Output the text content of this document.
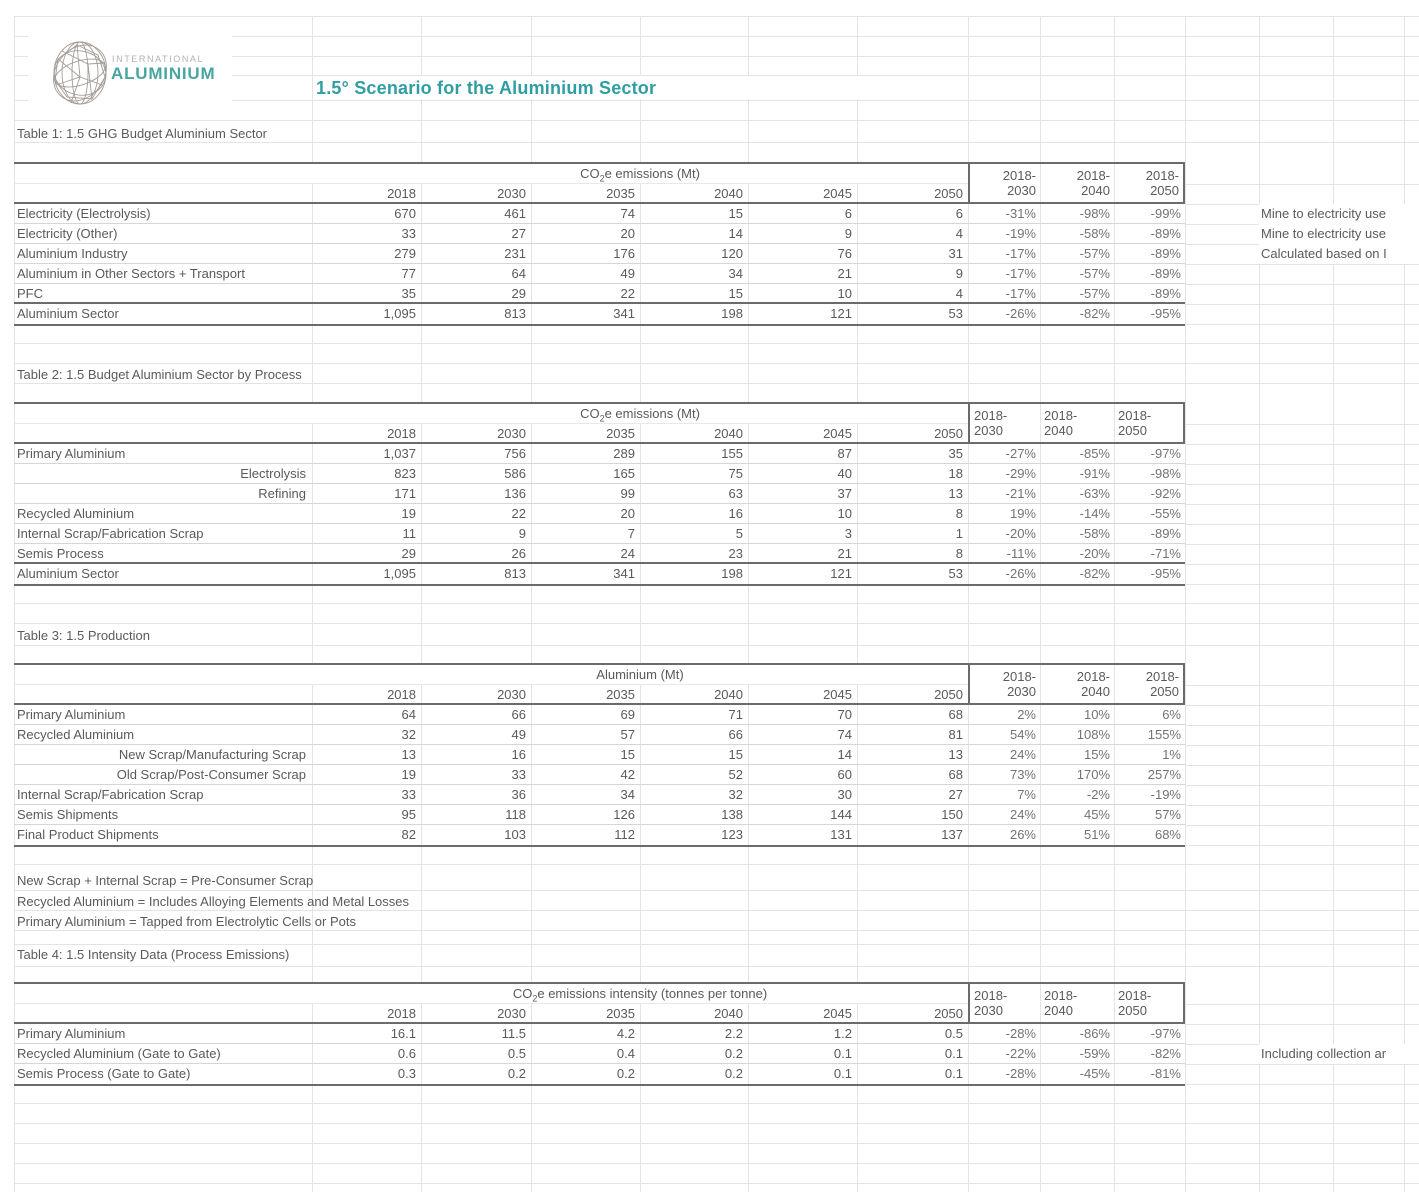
INTERNATIONAL
ALUMINIUM
1.5° Scenario for the Aluminium Sector
Table 1: 1.5 GHG Budget Aluminium Sector
Mine to electricity use
Mine to electricity use
Calculated based on I
$CO_2e$ emissions (Mt)
2018	2030	2035	2040	2045	2050
2018-
2030
2018-
2040
2018-
2050
Electricity (Electrolysis)	670	461	74	15	6	6	-31%	-98%	-99%
Electricity (Other)	33	27	20	14	9	4	-19%	-58%	-89%
Aluminium Industry	279	231	176	120	76	31	-17%	-57%	-89%
Aluminium in Other Sectors + Transport	77	64	49	34	21	9	-17%	-57%	-89%
PFC	35	29	22	15	10	4	-17%	-57%	-89%
Aluminium Sector	1,095	813	341	198	121	53	-26%	-82%	-95%
Table 2: 1.5 Budget Aluminium Sector by Process
$CO_2e$ emissions (Mt)
2018	2030	2035	2040	2045	2050
2018-
2030
2018-
2040
2018-
2050
Primary Aluminium	1,037	756	289	155	87	35	-27%	-85%	-97%
Electrolysis	823	586	165	75	40	18	-29%	-91%	-98%
Refining	171	136	99	63	37	13	-21%	-63%	-92%
Recycled Aluminium	19	22	20	16	10	8	19%	-14%	-55%
Internal Scrap/Fabrication Scrap	11	9	7	5	3	1	-20%	-58%	-89%
Semis Process	29	26	24	23	21	8	-11%	-20%	-71%
Aluminium Sector	1,095	813	341	198	121	53	-26%	-82%	-95%
Table 3: 1.5 Production
Aluminium (Mt)
2018	2030	2035	2040	2045	2050
2018-
2030
2018-
2040
2018-
2050
Primary Aluminium	64	66	69	71	70	68	2%	10%	6%
Recycled Aluminium	32	49	57	66	74	81	54%	108%	155%
New Scrap/Manufacturing Scrap	13	16	15	15	14	13	24%	15%	1%
Old Scrap/Post-Consumer Scrap	19	33	42	52	60	68	73%	170%	257%
Internal Scrap/Fabrication Scrap	33	36	34	32	30	27	7%	-2%	-19%
Semis Shipments	95	118	126	138	144	150	24%	45%	57%
Final Product Shipments	82	103	112	123	131	137	26%	51%	68%
Table 4: 1.5 Intensity Data (Process Emissions)
Including collection ar
$CO_2e$ emissions intensity (tonnes per tonne)
2018	2030	2035	2040	2045	2050
2018-
2030
2018-
2040
2018-
2050
Primary Aluminium	16.1	11.5	4.2	2.2	1.2	0.5	-28%	-86%	-97%
Recycled Aluminium (Gate to Gate)	0.6	0.5	0.4	0.2	0.1	0.1	-22%	-59%	-82%
Semis Process (Gate to Gate)	0.3	0.2	0.2	0.2	0.1	0.1	-28%	-45%	-81%
New Scrap + Internal Scrap = Pre-Consumer Scrap
Recycled Aluminium = Includes Alloying Elements and Metal Losses
Primary Aluminium = Tapped from Electrolytic Cells or Pots
